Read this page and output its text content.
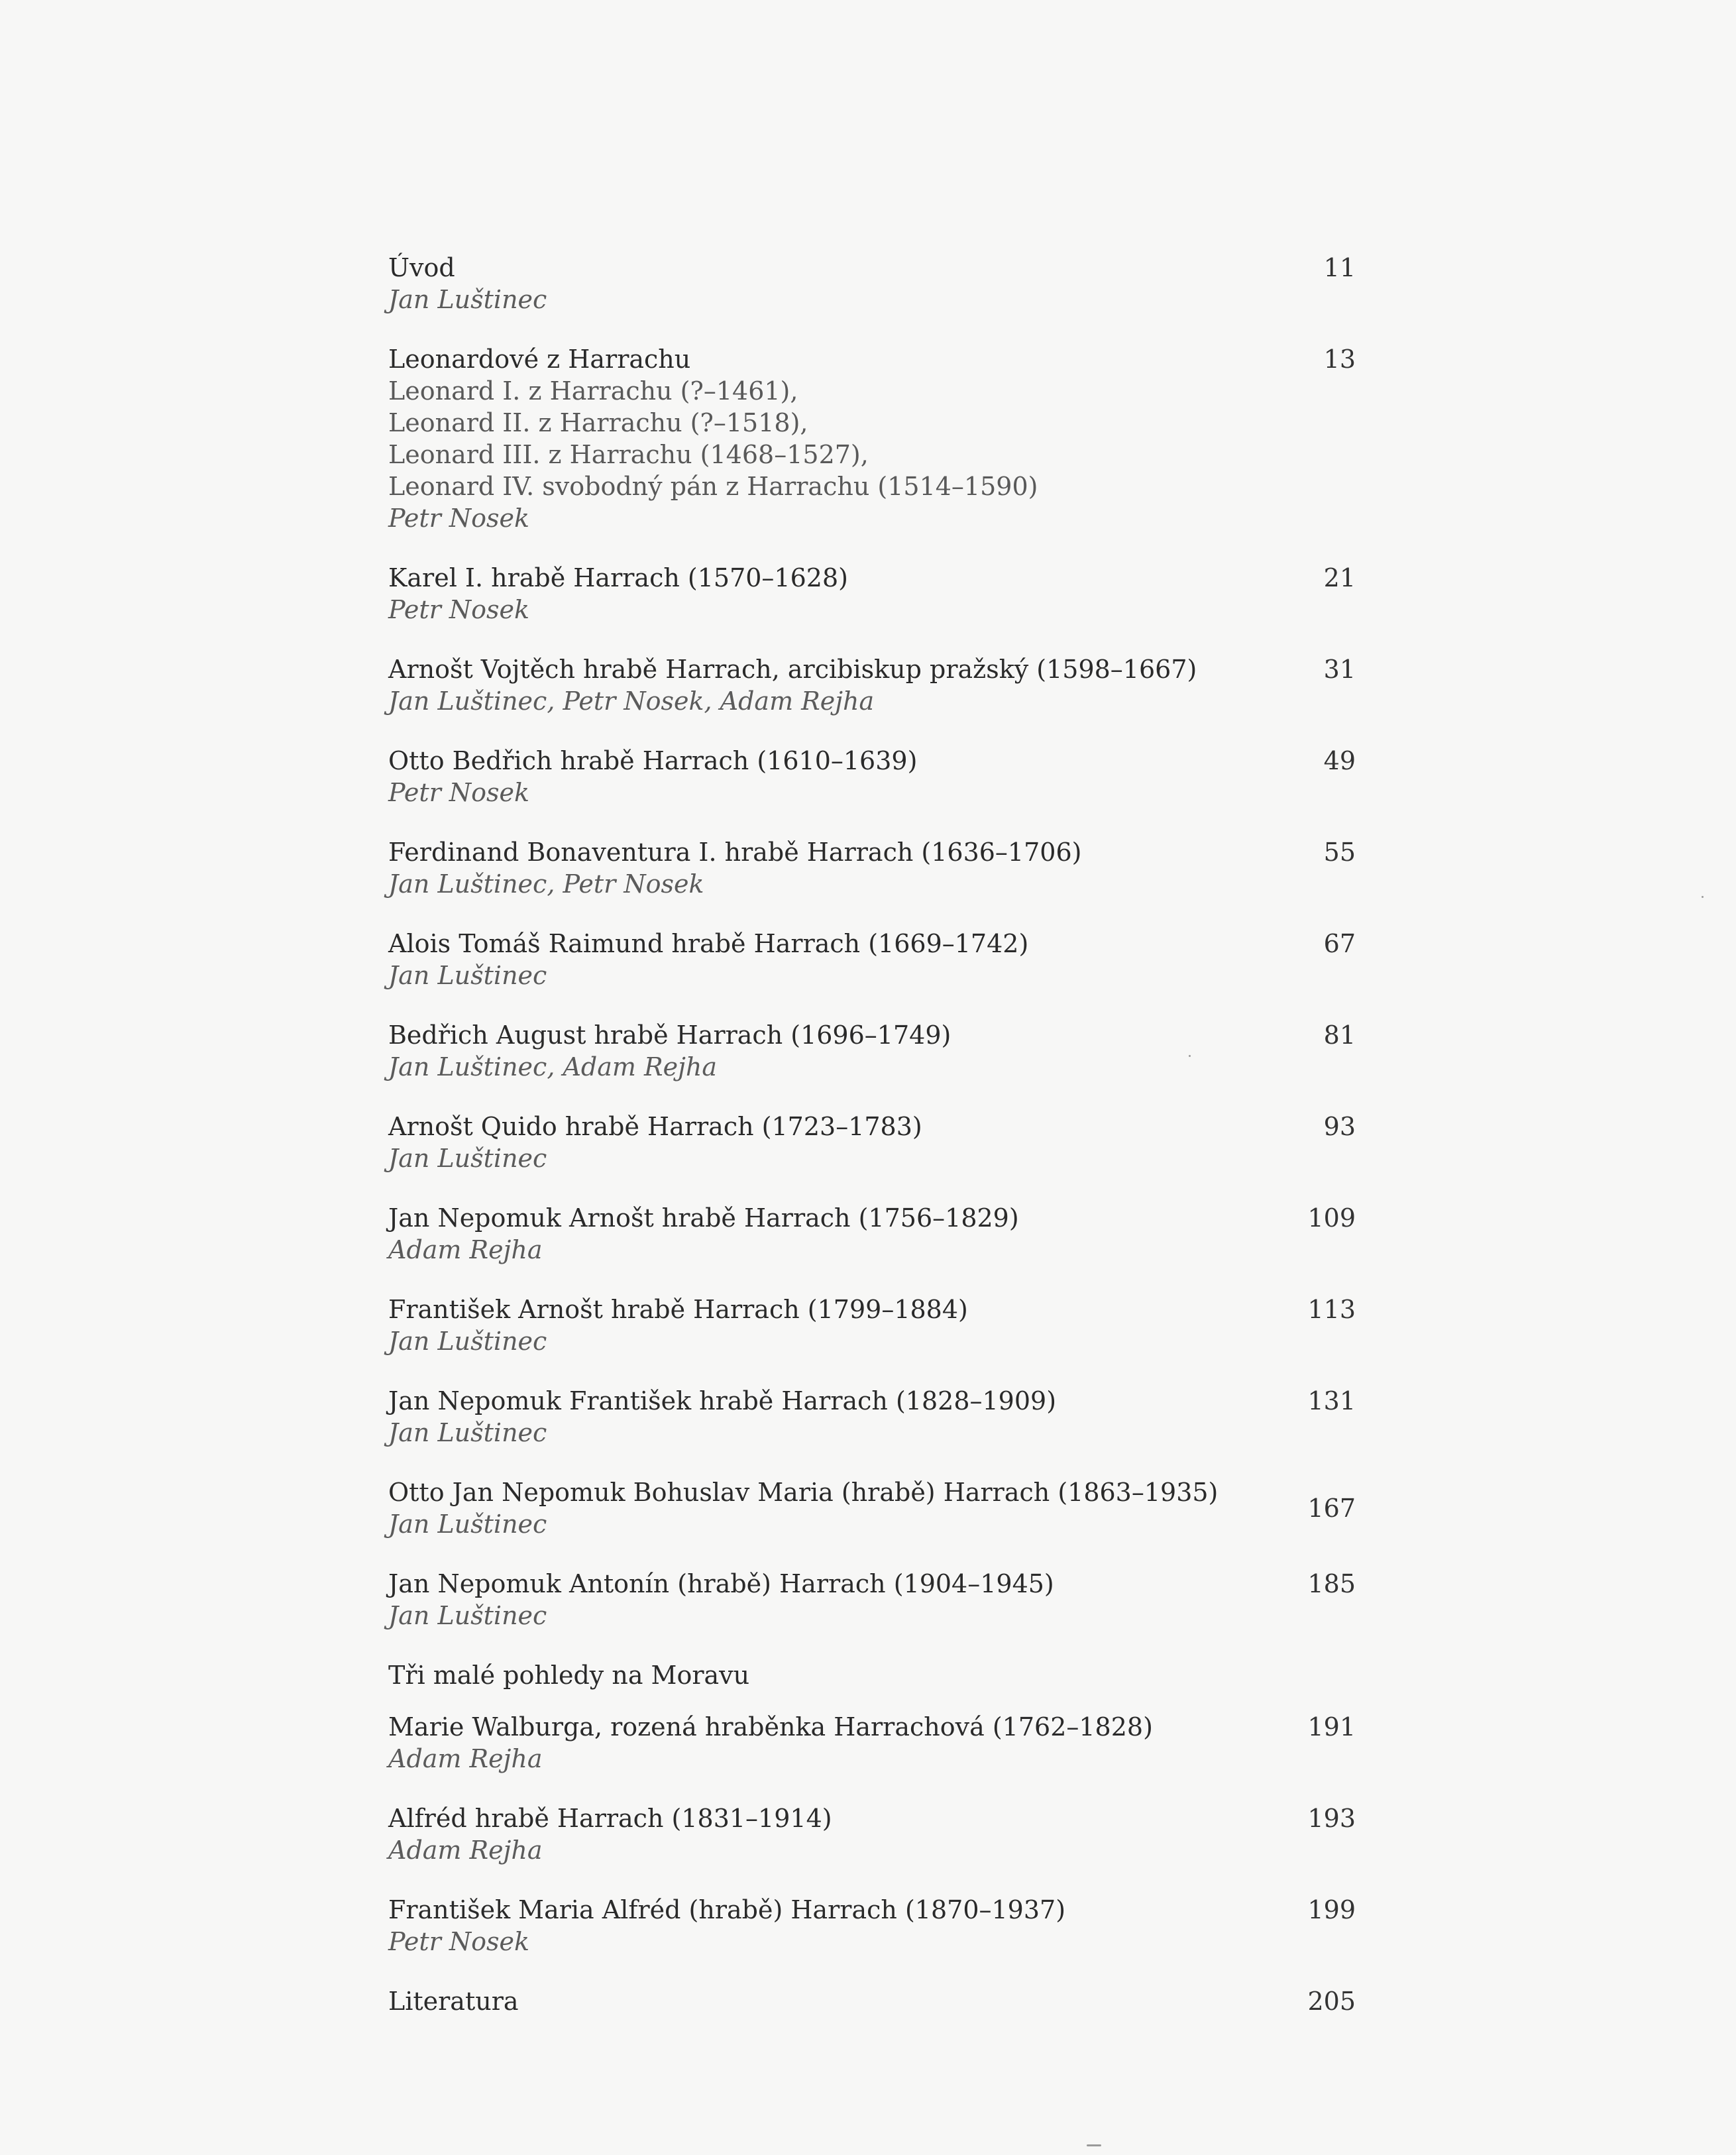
Úvod
Jan Luštinec
11
Leonardové z Harrachu
Leonard I. z Harrachu (?–1461),
Leonard II. z Harrachu (?–1518),
Leonard III. z Harrachu (1468–1527),
Leonard IV. svobodný pán z Harrachu (1514–1590)
Petr Nosek
13
Karel I. hrabě Harrach (1570–1628)
Petr Nosek
21
Arnošt Vojtěch hrabě Harrach, arcibiskup pražský (1598–1667)
Jan Luštinec, Petr Nosek, Adam Rejha
31
Otto Bedřich hrabě Harrach (1610–1639)
Petr Nosek
49
Ferdinand Bonaventura I. hrabě Harrach (1636–1706)
Jan Luštinec, Petr Nosek
55
Alois Tomáš Raimund hrabě Harrach (1669–1742)
Jan Luštinec
67
Bedřich August hrabě Harrach (1696–1749)
Jan Luštinec, Adam Rejha
81
Arnošt Quido hrabě Harrach (1723–1783)
Jan Luštinec
93
Jan Nepomuk Arnošt hrabě Harrach (1756–1829)
Adam Rejha
109
František Arnošt hrabě Harrach (1799–1884)
Jan Luštinec
113
Jan Nepomuk František hrabě Harrach (1828–1909)
Jan Luštinec
131
Otto Jan Nepomuk Bohuslav Maria (hrabě) Harrach (1863–1935)
Jan Luštinec
167
Jan Nepomuk Antonín (hrabě) Harrach (1904–1945)
Jan Luštinec
185
Tři malé pohledy na Moravu
Marie Walburga, rozená hraběnka Harrachová (1762–1828)
Adam Rejha
191
Alfréd hrabě Harrach (1831–1914)
Adam Rejha
193
František Maria Alfréd (hrabě) Harrach (1870–1937)
Petr Nosek
199
Literatura	205
